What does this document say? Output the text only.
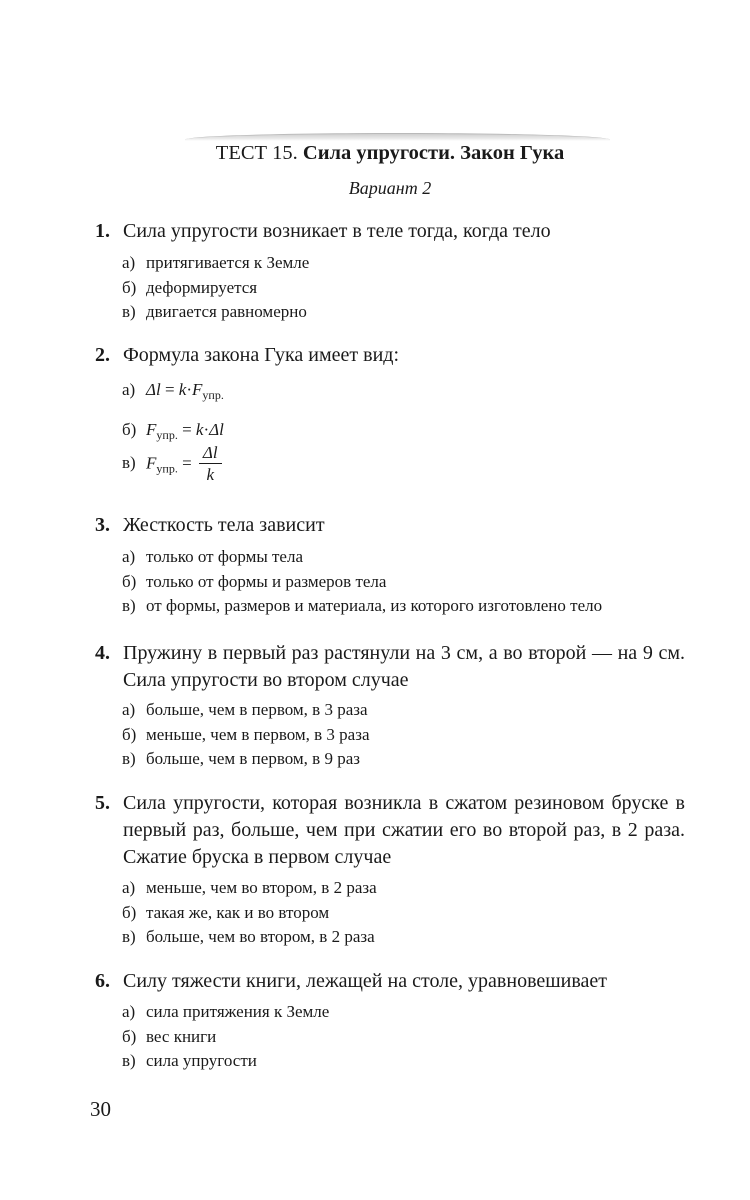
ТЕСТ 15. Сила упругости. Закон Гука
Вариант 2
1. Сила упругости возникает в теле тогда, когда тело
а) притягивается к Земле
б) деформируется
в) двигается равномерно
2. Формула закона Гука имеет вид:
а) $\Delta l = k\cdot F_{упр.}$
б) $F_{упр.} = k\cdot\Delta l$
в) $F_{упр.} = \frac{\Delta l}{k}$
3. Жесткость тела зависит
а) только от формы тела
б) только от формы и размеров тела
в) от формы, размеров и материала, из которого изготовлено тело
4. Пружину в первый раз растянули на 3 см, а во второй — на 9 см. Сила упругости во втором случае
а) больше, чем в первом, в 3 раза
б) меньше, чем в первом, в 3 раза
в) больше, чем в первом, в 9 раз
5. Сила упругости, которая возникла в сжатом резиновом бруске в первый раз, больше, чем при сжатии его во второй раз, в 2 раза. Сжатие бруска в первом случае
а) меньше, чем во втором, в 2 раза
б) такая же, как и во втором
в) больше, чем во втором, в 2 раза
6. Силу тяжести книги, лежащей на столе, уравновешивает
а) сила притяжения к Земле
б) вес книги
в) сила упругости
30
